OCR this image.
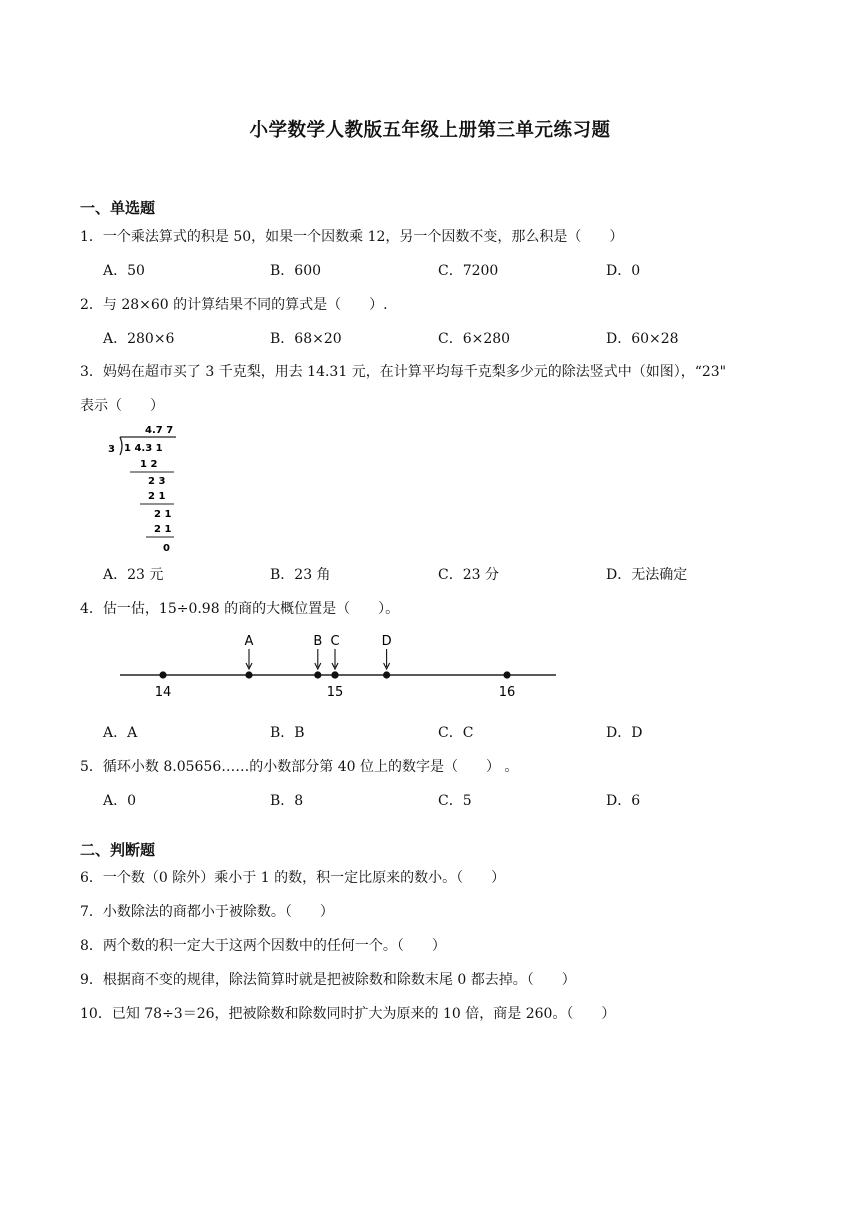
小学数学人教版五年级上册第三单元练习题
一、单选题
1．一个乘法算式的积是 50，如果一个因数乘 12，另一个因数不变，那么积是（　　）
A．50	B．600	C．7200	D．0
2．与 28×60 的计算结果不同的算式是（　　）.
A．280×6	B．68×20	C．6×280	D．60×28
3．妈妈在超市买了 3 千克梨，用去 14.31 元，在计算平均每千克梨多少元的除法竖式中（如图），“23"
表示（　　）
4.7 7
3 1 4.3 1
1 2
2 3
2 1
2 1
2 1
0
A．23 元	B．23 角	C．23 分	D．无法确定
4．估一估，15÷0.98 的商的大概位置是（　　）。
14	15	16
A	B C	D
A．A	B．B	C．C	D．D
5．循环小数 8.05656……的小数部分第 40 位上的数字是（　　） 。
A．0	B．8	C．5	D．6
二、判断题
6．一个数（0 除外）乘小于 1 的数，积一定比原来的数小。（　　）
7．小数除法的商都小于被除数。（　　）
8．两个数的积一定大于这两个因数中的任何一个。（　　）
9．根据商不变的规律，除法简算时就是把被除数和除数末尾 0 都去掉。（　　）
10．已知 78÷3＝26，把被除数和除数同时扩大为原来的 10 倍，商是 260。（　　）
